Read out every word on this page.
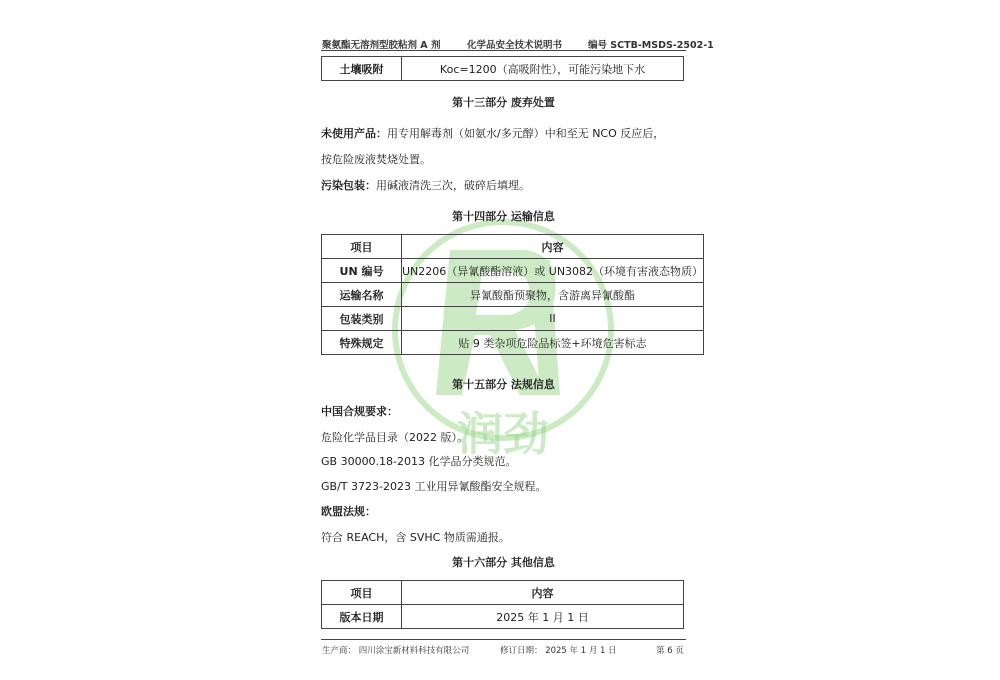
润劲
聚氨酯无溶剂型胶粘剂 A 剂	化学品安全技术说明书	编号 SCTB-MSDS-2502-1
土壤吸附	Koc=1200（高吸附性），可能污染地下水
第十三部分 废弃处置
未使用产品：用专用解毒剂（如氨水/多元醇）中和至无 NCO 反应后，
按危险废液焚烧处置。
污染包装：用碱液清洗三次，破碎后填埋。
第十四部分 运输信息
项目	内容
UN 编号	UN2206（异氰酸酯溶液）或 UN3082（环境有害液态物质）
运输名称	异氰酸酯预聚物，含游离异氰酸酯
包装类别	II
特殊规定	贴 9 类杂项危险品标签+环境危害标志
第十五部分 法规信息
中国合规要求：
危险化学品目录（2022 版）。
GB 30000.18-2013 化学品分类规范。
GB/T 3723-2023 工业用异氰酸酯安全规程。
欧盟法规：
符合 REACH，含 SVHC 物质需通报。
第十六部分 其他信息
项目	内容
版本日期	2025 年 1 月 1 日
生产商： 四川涂宝新材料科技有限公司	修订日期： 2025 年 1 月 1 日	第 6 页
